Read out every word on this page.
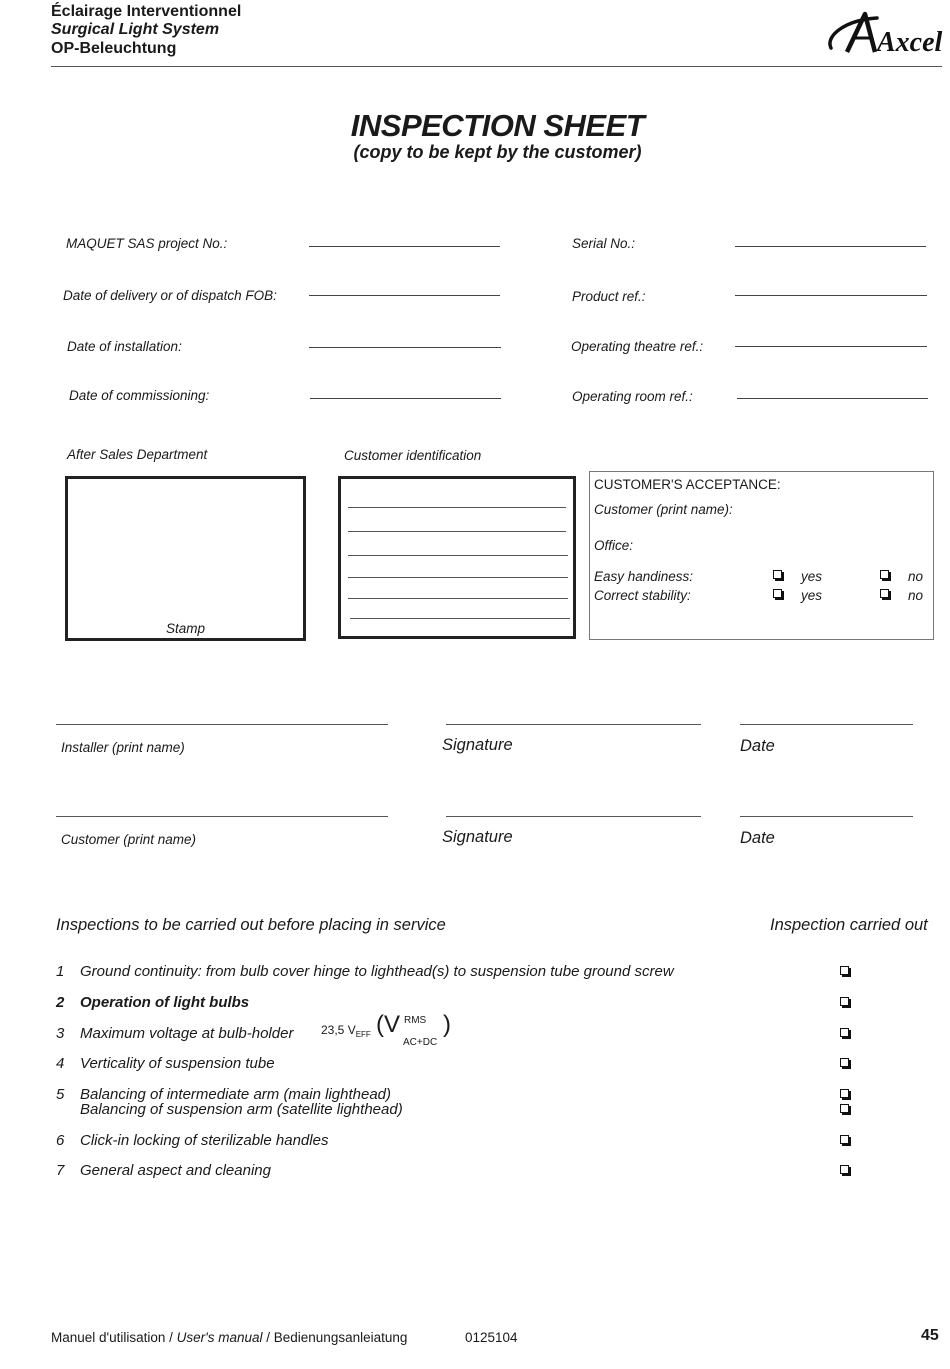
Éclairage Interventionnel
Surgical Light System
OP-Beleuchtung	Axcel
INSPECTION SHEET
(copy to be kept by the customer)
MAQUET SAS project No.:
Date of delivery or of dispatch FOB:
Date of installation:
Date of commissioning:
Serial No.:
Product ref.:
Operating theatre ref.:
Operating room ref.:
After Sales Department	Customer identification
Stamp
CUSTOMER'S ACCEPTANCE:
Customer (print name):
Office:
Easy handiness:	yes	no
Correct stability:	yes	no
Installer (print name)	Signature	Date
Customer (print name)	Signature	Date
Inspections to be carried out before placing in service	Inspection carried out
1 Ground continuity: from bulb cover hinge to lighthead(s) to suspension tube ground screw
2 Operation of light bulbs
3 Maximum voltage at bulb-holder 23,5 $V_{EFF}$ (V RMS
AC+DC
)
4 Verticality of suspension tube
5 Balancing of intermediate arm (main lighthead)
Balancing of suspension arm (satellite lighthead)
6 Click-in locking of sterilizable handles
7 General aspect and cleaning
Manuel d'utilisation / User's manual / Bedienungsanleiatung	0125104	45
